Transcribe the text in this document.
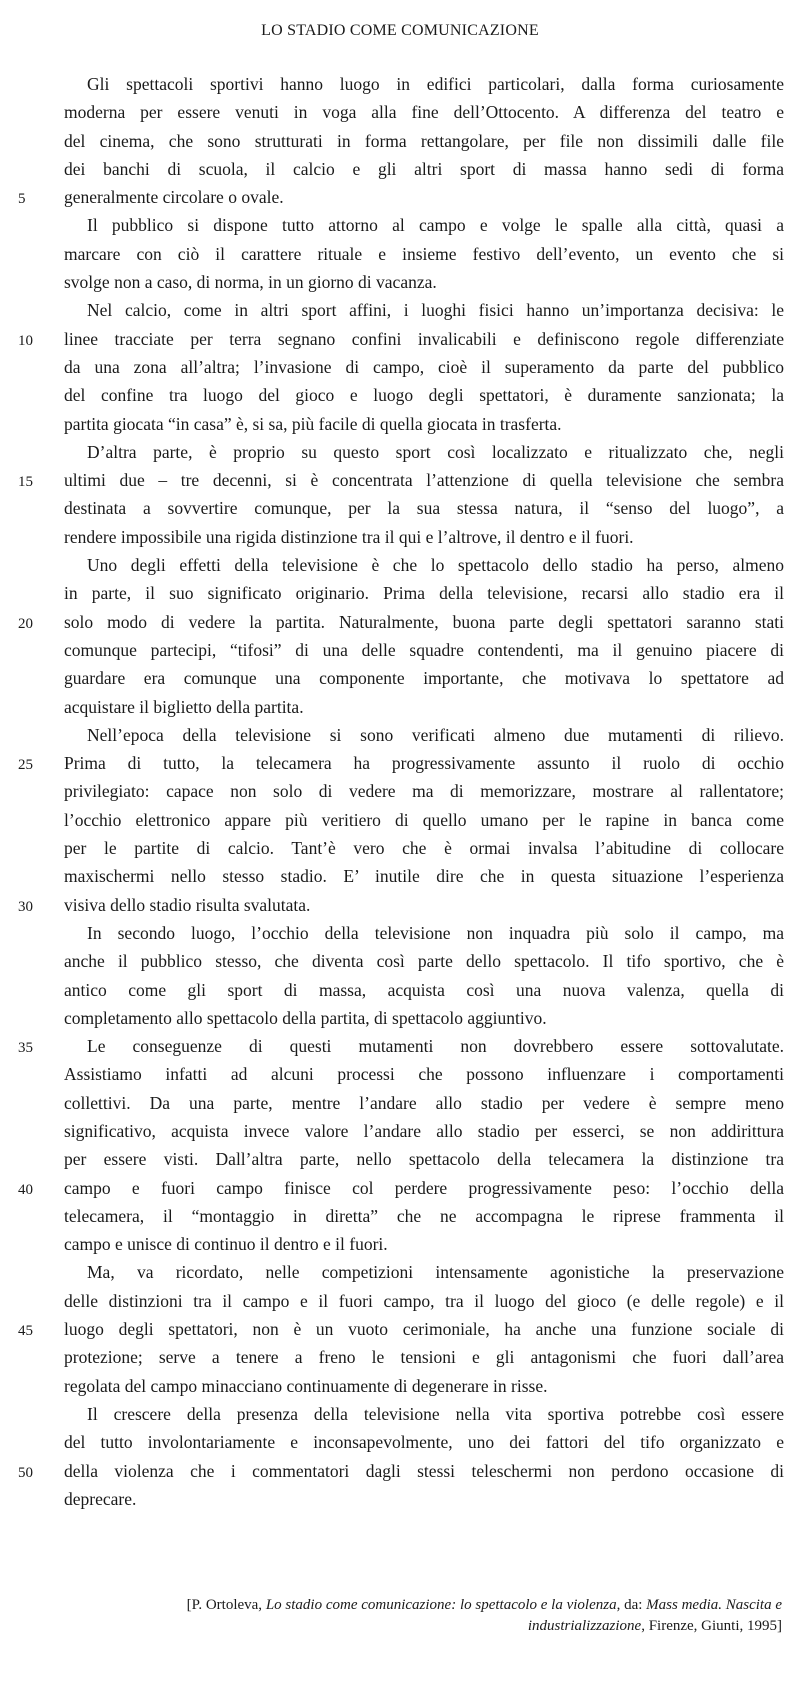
LO STADIO COME COMUNICAZIONE
Gli spettacoli sportivi hanno luogo in edifici particolari, dalla forma curiosamente
moderna per essere venuti in voga alla fine dell’Ottocento. A differenza del teatro e
del cinema, che sono strutturati in forma rettangolare, per file non dissimili dalle file
dei banchi di scuola, il calcio e gli altri sport di massa hanno sedi di forma
5	generalmente circolare o ovale.
Il pubblico si dispone tutto attorno al campo e volge le spalle alla città, quasi a
marcare con ciò il carattere rituale e insieme festivo dell’evento, un evento che si
svolge non a caso, di norma, in un giorno di vacanza.
Nel calcio, come in altri sport affini, i luoghi fisici hanno un’importanza decisiva: le
10	linee tracciate per terra segnano confini invalicabili e definiscono regole differenziate
da una zona all’altra; l’invasione di campo, cioè il superamento da parte del pubblico
del confine tra luogo del gioco e luogo degli spettatori, è duramente sanzionata; la
partita giocata “in casa” è, si sa, più facile di quella giocata in trasferta.
D’altra parte, è proprio su questo sport così localizzato e ritualizzato che, negli
15	ultimi due – tre decenni, si è concentrata l’attenzione di quella televisione che sembra
destinata a sovvertire comunque, per la sua stessa natura, il “senso del luogo”, a
rendere impossibile una rigida distinzione tra il qui e l’altrove, il dentro e il fuori.
Uno degli effetti della televisione è che lo spettacolo dello stadio ha perso, almeno
in parte, il suo significato originario. Prima della televisione, recarsi allo stadio era il
20	solo modo di vedere la partita. Naturalmente, buona parte degli spettatori saranno stati
comunque partecipi, “tifosi” di una delle squadre contendenti, ma il genuino piacere di
guardare era comunque una componente importante, che motivava lo spettatore ad
acquistare il biglietto della partita.
Nell’epoca della televisione si sono verificati almeno due mutamenti di rilievo.
25	Prima di tutto, la telecamera ha progressivamente assunto il ruolo di occhio
privilegiato: capace non solo di vedere ma di memorizzare, mostrare al rallentatore;
l’occhio elettronico appare più veritiero di quello umano per le rapine in banca come
per le partite di calcio. Tant’è vero che è ormai invalsa l’abitudine di collocare
maxischermi nello stesso stadio. E’ inutile dire che in questa situazione l’esperienza
30	visiva dello stadio risulta svalutata.
In secondo luogo, l’occhio della televisione non inquadra più solo il campo, ma
anche il pubblico stesso, che diventa così parte dello spettacolo. Il tifo sportivo, che è
antico come gli sport di massa, acquista così una nuova valenza, quella di
completamento allo spettacolo della partita, di spettacolo aggiuntivo.
35	Le conseguenze di questi mutamenti non dovrebbero essere sottovalutate.
Assistiamo infatti ad alcuni processi che possono influenzare i comportamenti
collettivi. Da una parte, mentre l’andare allo stadio per vedere è sempre meno
significativo, acquista invece valore l’andare allo stadio per esserci, se non addirittura
per essere visti. Dall’altra parte, nello spettacolo della telecamera la distinzione tra
40	campo e fuori campo finisce col perdere progressivamente peso: l’occhio della
telecamera, il “montaggio in diretta” che ne accompagna le riprese frammenta il
campo e unisce di continuo il dentro e il fuori.
Ma, va ricordato, nelle competizioni intensamente agonistiche la preservazione
delle distinzioni tra il campo e il fuori campo, tra il luogo del gioco (e delle regole) e il
45	luogo degli spettatori, non è un vuoto cerimoniale, ha anche una funzione sociale di
protezione; serve a tenere a freno le tensioni e gli antagonismi che fuori dall’area
regolata del campo minacciano continuamente di degenerare in risse.
Il crescere della presenza della televisione nella vita sportiva potrebbe così essere
del tutto involontariamente e inconsapevolmente, uno dei fattori del tifo organizzato e
50	della violenza che i commentatori dagli stessi teleschermi non perdono occasione di
deprecare.
[P. Ortoleva, Lo stadio come comunicazione: lo spettacolo e la violenza, da: Mass media. Nascita e
industrializzazione, Firenze, Giunti, 1995]
